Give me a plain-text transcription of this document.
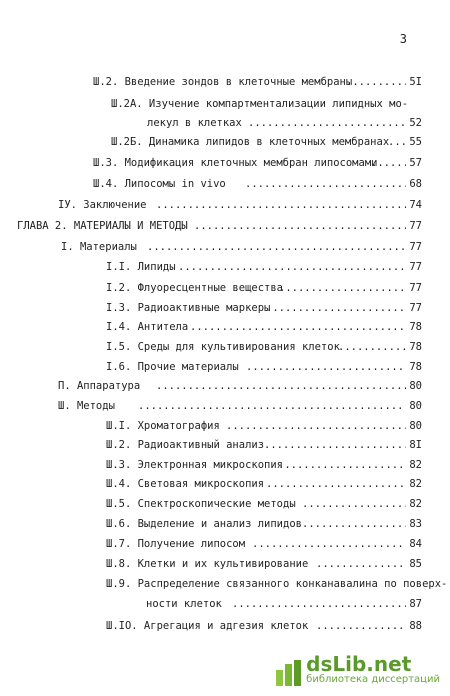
3
Ш.2. Введение зондов в клеточные мембраны .....	5I
Ш.2А. Изучение компартментализации липидных мо-
лекул в клетках .....	52
Ш.2Б. Динамика липидов в клеточных мембранах ..... 55
Ш.З. Модификация клеточных мембран липосомами .....	57
Ш.4. Липосомы in vivo .....	68
IУ. Заключение .....	74
ГЛАВА 2. МАТЕРИАЛЫ И МЕТОДЫ .....	77
I. Материалы .....	77
I.I. Липиды .....	77
I.2. Флуоресцентные вещества .....	77
I.3. Радиоактивные маркеры .....	77
I.4. Антитела .....	78
I.5. Среды для культивирования клеток .....	78
I.6. Прочие материалы .....	78
П. Аппаратура .....	80
Ш. Методы .....	80
Ш.I. Хроматография .....	80
Ш.2. Радиоактивный анализ .....	8I
Ш.З. Электронная микроскопия .....	82
Ш.4. Световая микроскопия .....	82
Ш.5. Спектроскопические методы .....	82
Ш.6. Выделение и анализ липидов .....	83
Ш.7. Получение липосом .....	84
Ш.8. Клетки и их культивирование .....	85
Ш.9. Распределение связанного конканавалина по поверх-
ности клеток .....	87
Ш.IO. Агрегация и адгезия клеток .....	88
dsLib.net
библиотека диссертаций
